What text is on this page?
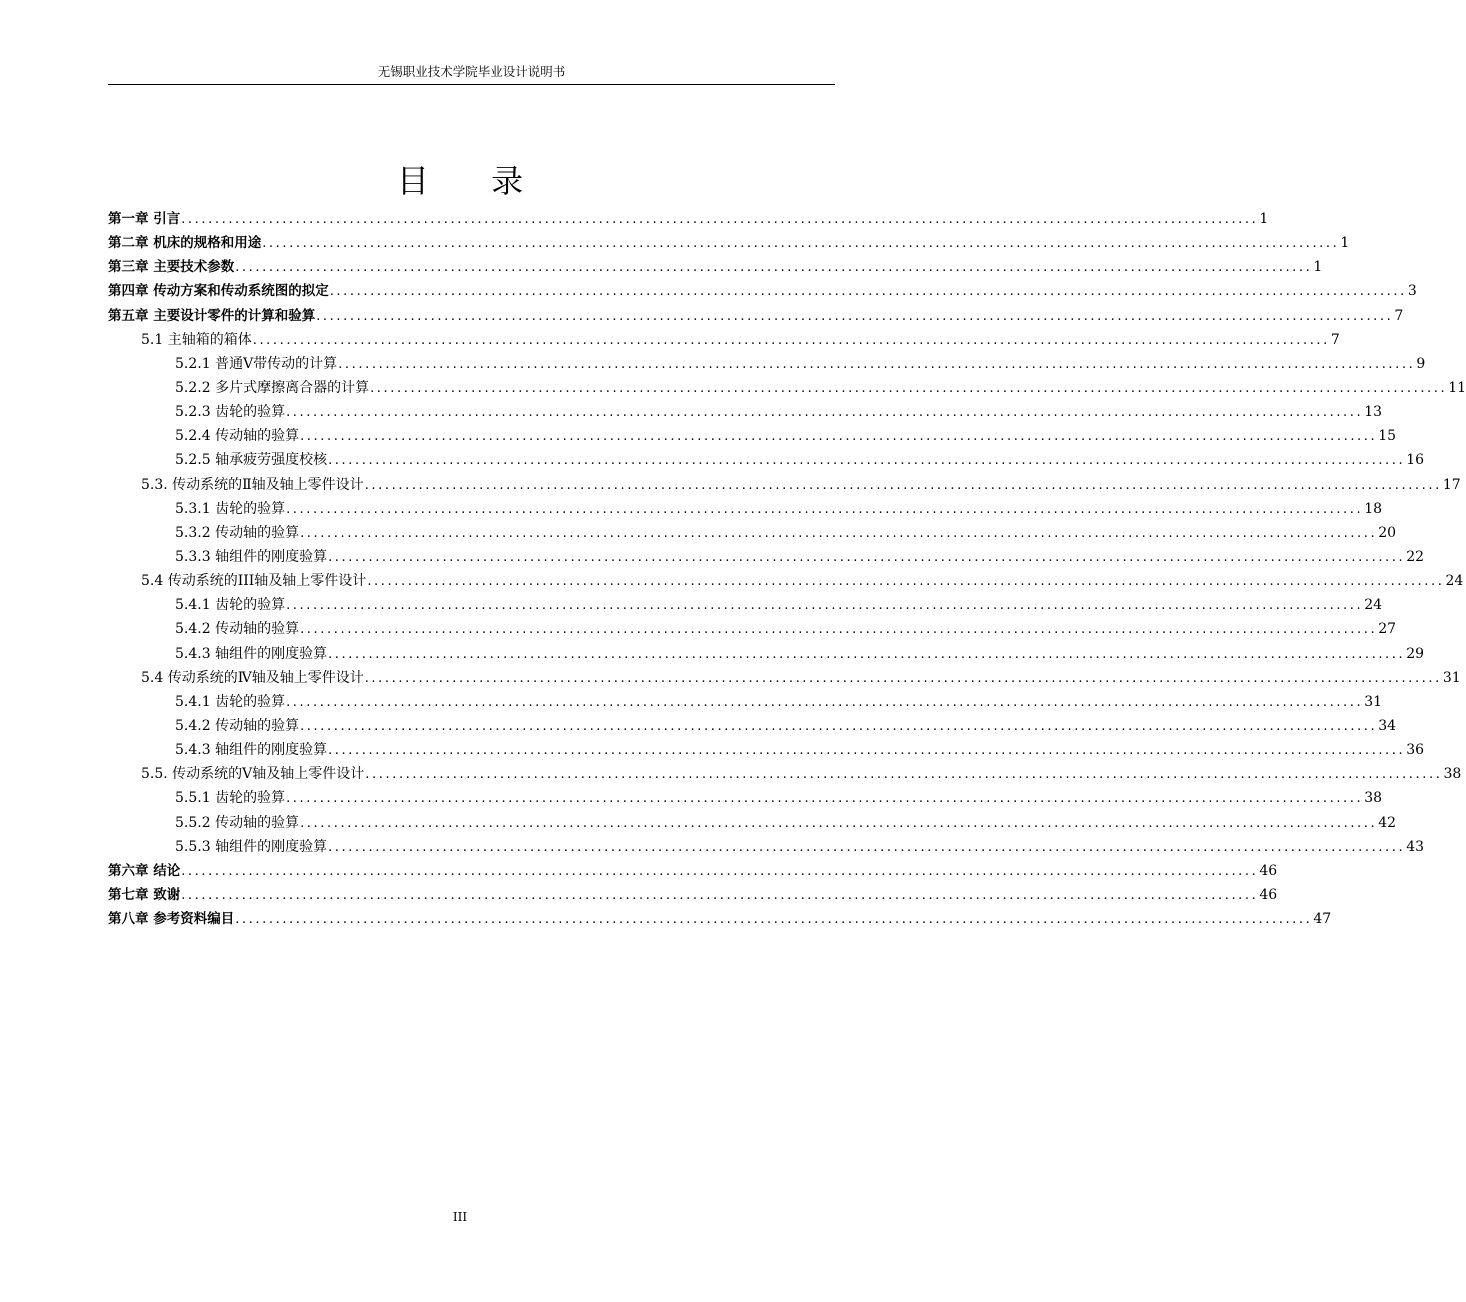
无锡职业技术学院毕业设计说明书
目 录
第一章 引言 ................................................................................................................................................................ 1
第二章 机床的规格和用途 ................................................................................................................................................................ 1
第三章 主要技术参数 ................................................................................................................................................................ 1
第四章 传动方案和传动系统图的拟定 ................................................................................................................................................................ 3
第五章 主要设计零件的计算和验算 ................................................................................................................................................................ 7
5.1 主轴箱的箱体 ................................................................................................................................................................ 7
5.2.1 普通Ⅴ带传动的计算 ................................................................................................................................................................ 9
5.2.2 多片式摩擦离合器的计算 ................................................................................................................................................................ 11
5.2.3 齿轮的验算 ................................................................................................................................................................ 13
5.2.4 传动轴的验算 ................................................................................................................................................................ 15
5.2.5 轴承疲劳强度校核 ................................................................................................................................................................ 16
5.3. 传动系统的Ⅱ轴及轴上零件设计 ................................................................................................................................................................ 17
5.3.1 齿轮的验算 ................................................................................................................................................................ 18
5.3.2 传动轴的验算 ................................................................................................................................................................ 20
5.3.3 轴组件的刚度验算 ................................................................................................................................................................ 22
5.4 传动系统的III轴及轴上零件设计 ................................................................................................................................................................ 24
5.4.1 齿轮的验算 ................................................................................................................................................................ 24
5.4.2 传动轴的验算 ................................................................................................................................................................ 27
5.4.3 轴组件的刚度验算 ................................................................................................................................................................ 29
5.4 传动系统的Ⅳ轴及轴上零件设计 ................................................................................................................................................................ 31
5.4.1 齿轮的验算 ................................................................................................................................................................ 31
5.4.2 传动轴的验算 ................................................................................................................................................................ 34
5.4.3 轴组件的刚度验算 ................................................................................................................................................................ 36
5.5. 传动系统的Ⅴ轴及轴上零件设计 ................................................................................................................................................................ 38
5.5.1 齿轮的验算 ................................................................................................................................................................ 38
5.5.2 传动轴的验算 ................................................................................................................................................................ 42
5.5.3 轴组件的刚度验算 ................................................................................................................................................................ 43
第六章 结论 ................................................................................................................................................................ 46
第七章 致谢 ................................................................................................................................................................ 46
第八章 参考资料编目 ................................................................................................................................................................ 47
III
